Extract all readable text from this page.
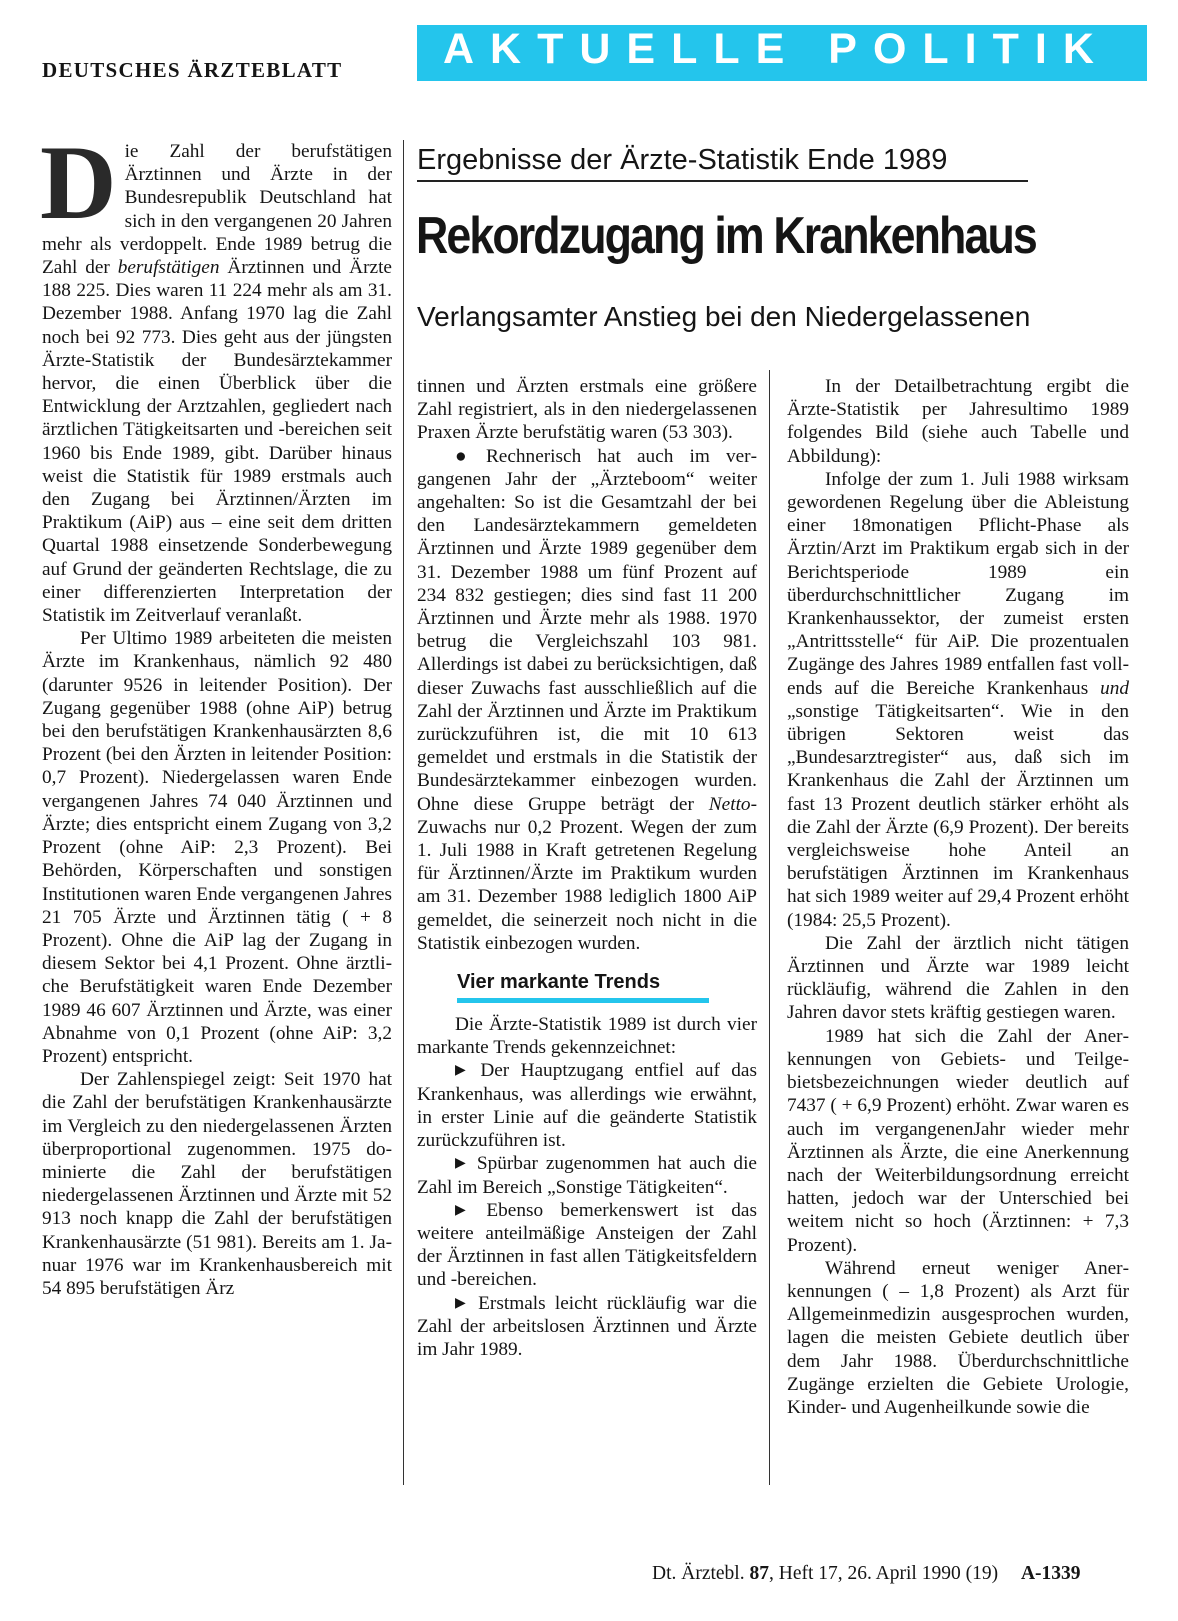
DEUTSCHES ÄRZTEBLATT AKTUELLE POLITIK
Ergebnisse der Ärzte-Statistik Ende 1989
Rekordzugang im Krankenhaus
Verlangsamter Anstieg bei den Niedergelassenen

Die Zahl der berufstätigen Ärztinnen und Ärzte in der Bundesrepublik Deutschland hat sich in den vergangenen 20 Jahren mehr als verdoppelt. Ende 1989 betrug die Zahl der berufstätigen Ärztinnen und Ärzte 188 225. Dies waren 11 224 mehr als am 31. Dezember 1988. Anfang 1970 lag die Zahl noch bei 92 773. Dies geht aus der jüngsten Ärzte-Statistik der Bundesärztekammer hervor, die einen Überblick über die Entwicklung der Arztzahlen, gegliedert nach ärztlichen Tätigkeitsarten und -bereichen seit 1960 bis Ende 1989, gibt. Darüber hinaus weist die Statistik für 1989 erstmals auch den Zugang bei Ärztinnen/Ärzten im Praktikum (AiP) aus – eine seit dem dritten Quartal 1988 einsetzende Sonderbewegung auf Grund der geänderten Rechtslage, die zu einer differenzierten Interpretation der Statistik im Zeitverlauf veranlaßt.

Per Ultimo 1989 arbeiteten die meisten Ärzte im Krankenhaus, nämlich 92 480 (darunter 9526 in leitender Position). Der Zugang gegenüber 1988 (ohne AiP) betrug bei den berufstätigen Krankenhausärzten 8,6 Prozent (bei den Ärzten in leitender Position: 0,7 Prozent). Niedergelassen waren Ende vergangenen Jahres 74 040 Ärztinnen und Ärzte; dies entspricht einem Zugang von 3,2 Prozent (ohne AiP: 2,3 Prozent). Bei Behörden, Körperschaften und sonstigen Institutionen waren Ende vergangenen Jahres 21 705 Ärzte und Ärztinnen tätig ( + 8 Prozent). Ohne die AiP lag der Zugang in diesem Sektor bei 4,1 Prozent. Ohne ärztliche Berufstätigkeit waren Ende Dezember 1989 46 607 Ärztinnen und Ärzte, was einer Abnahme von 0,1 Prozent (ohne AiP: 3,2 Prozent) entspricht.

Der Zahlenspiegel zeigt: Seit 1970 hat die Zahl der berufstätigen Krankenhausärzte im Vergleich zu den niedergelassenen Ärzten überproportional zugenommen. 1975 dominierte die Zahl der berufstätigen niedergelassenen Ärztinnen und Ärzte mit 52 913 noch knapp die Zahl der berufstätigen Krankenhausärzte (51 981). Bereits am 1. Januar 1976 war im Krankenhausbereich mit 54 895 berufstätigen Ärz

tinnen und Ärzten erstmals eine größere Zahl registriert, als in den niedergelassenen Praxen Ärzte berufstätig waren (53 303).

● Rechnerisch hat auch im vergangenen Jahr der „Ärzteboom“ weiter angehalten: So ist die Gesamtzahl der bei den Landesärztekammern gemeldeten Ärztinnen und Ärzte 1989 gegenüber dem 31. Dezember 1988 um fünf Prozent auf 234 832 gestiegen; dies sind fast 11 200 Ärztinnen und Ärzte mehr als 1988. 1970 betrug die Vergleichszahl 103 981. Allerdings ist dabei zu berücksichtigen, daß dieser Zuwachs fast ausschließlich auf die Zahl der Ärztinnen und Ärzte im Praktikum zurückzuführen ist, die mit 10 613 gemeldet und erstmals in die Statistik der Bundesärztekammer einbezogen wurden. Ohne diese Gruppe beträgt der Netto-Zuwachs nur 0,2 Prozent. Wegen der zum 1. Juli 1988 in Kraft getretenen Regelung für Ärztinnen/Ärzte im Praktikum wurden am 31. Dezember 1988 lediglich 1800 AiP gemeldet, die seinerzeit noch nicht in die Statistik einbezogen wurden.

Vier markante Trends

Die Ärzte-Statistik 1989 ist durch vier markante Trends gekennzeichnet:

▶ Der Hauptzugang entfiel auf das Krankenhaus, was allerdings wie erwähnt, in erster Linie auf die geänderte Statistik zurückzuführen ist.

▶ Spürbar zugenommen hat auch die Zahl im Bereich „Sonstige Tätigkeiten“.

▶ Ebenso bemerkenswert ist das weitere anteilmäßige Ansteigen der Zahl der Ärztinnen in fast allen Tätigkeitsfeldern und -bereichen.

▶ Erstmals leicht rückläufig war die Zahl der arbeitslosen Ärztinnen und Ärzte im Jahr 1989.

In der Detailbetrachtung ergibt die Ärzte-Statistik per Jahresultimo 1989 folgendes Bild (siehe auch Tabelle und Abbildung):

Infolge der zum 1. Juli 1988 wirksam gewordenen Regelung über die Ableistung einer 18monatigen Pflicht-Phase als Ärztin/Arzt im Praktikum ergab sich in der Berichtsperiode 1989 ein überdurchschnittlicher Zugang im Krankenhaussektor, der zumeist ersten „Antrittsstelle“ für AiP. Die prozentualen Zugänge des Jahres 1989 entfallen fast vollends auf die Bereiche Krankenhaus und „sonstige Tätigkeitsarten“. Wie in den übrigen Sektoren weist das „Bundesarztregister“ aus, daß sich im Krankenhaus die Zahl der Ärztinnen um fast 13 Prozent deutlich stärker erhöht als die Zahl der Ärzte (6,9 Prozent). Der bereits vergleichsweise hohe Anteil an berufstätigen Ärztinnen im Krankenhaus hat sich 1989 weiter auf 29,4 Prozent erhöht (1984: 25,5 Prozent).

Die Zahl der ärztlich nicht tätigen Ärztinnen und Ärzte war 1989 leicht rückläufig, während die Zahlen in den Jahren davor stets kräftig gestiegen waren.

1989 hat sich die Zahl der Anerkennungen von Gebiets- und Teilgebietsbezeichnungen wieder deutlich auf 7437 ( + 6,9 Prozent) erhöht. Zwar waren es auch im vergangenenJahr wieder mehr Ärztinnen als Ärzte, die eine Anerkennung nach der Weiterbildungsordnung erreicht hatten, jedoch war der Unterschied bei weitem nicht so hoch (Ärztinnen: + 7,3 Prozent).

Während erneut weniger Anerkennungen ( – 1,8 Prozent) als Arzt für Allgemeinmedizin ausgesprochen wurden, lagen die meisten Gebiete deutlich über dem Jahr 1988. Überdurchschnittliche Zugänge erzielten die Gebiete Urologie, Kinder- und Augenheilkunde sowie die

Dt. Ärztebl. 87, Heft 17, 26. April 1990 (19) A-1339
